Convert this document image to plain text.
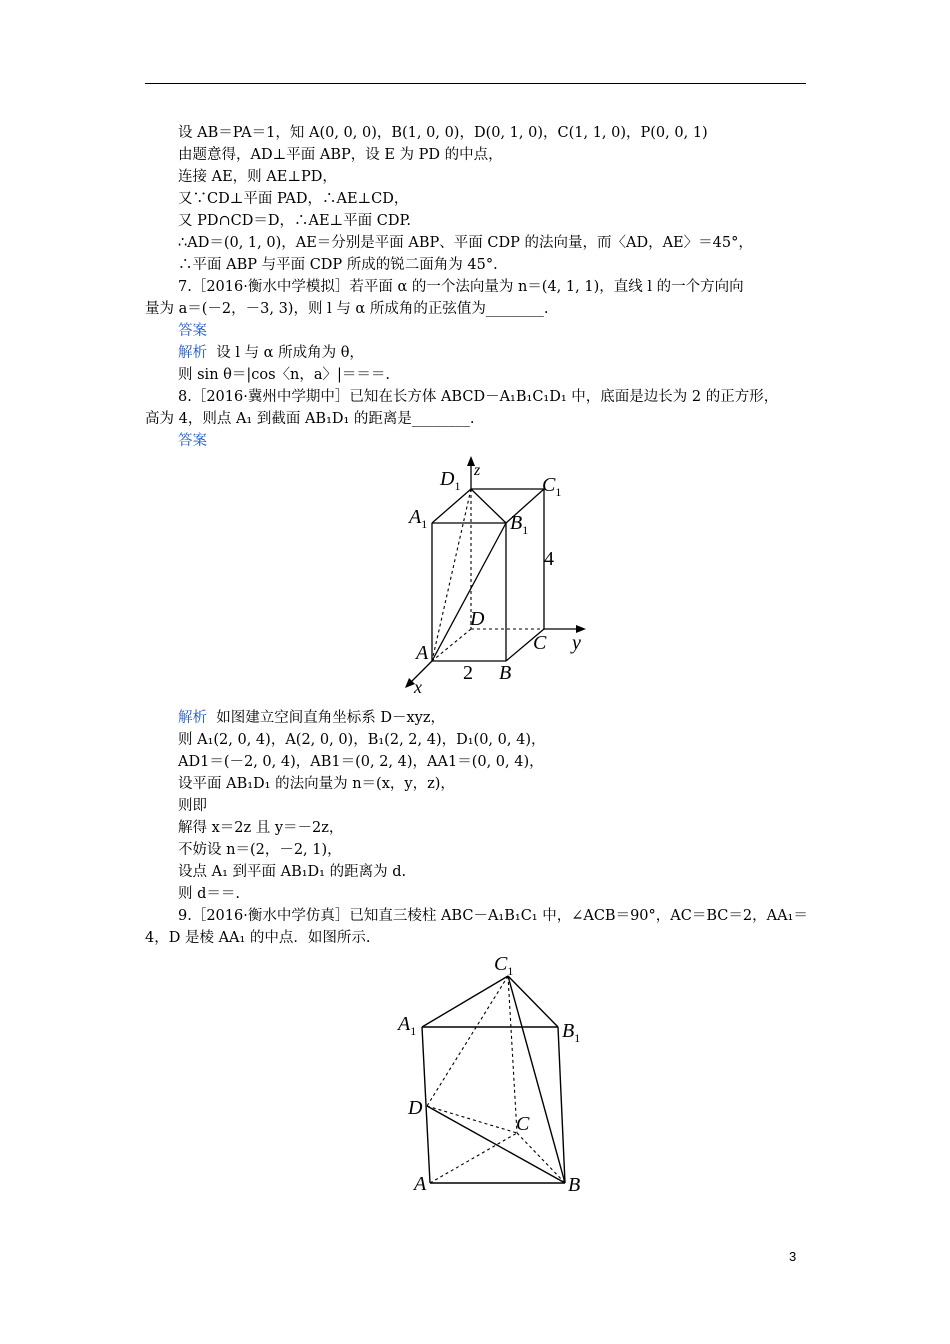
设 AB＝PA＝1，知 A(0, 0, 0)，B(1, 0, 0)，D(0, 1, 0)，C(1, 1, 0)，P(0, 0, 1)
由题意得，AD⊥平面 ABP，设 E 为 PD 的中点，
连接 AE，则 AE⊥PD，
又∵CD⊥平面 PAD，∴AE⊥CD，
又 PD∩CD＝D，∴AE⊥平面 CDP.
∴AD＝(0, 1, 0)，AE＝分别是平面 ABP、平面 CDP 的法向量，而〈AD，AE〉＝45°，
∴平面 ABP 与平面 CDP 所成的锐二面角为 45°.
7.［2016·衡水中学模拟］若平面 α 的一个法向量为 n＝(4, 1, 1)，直线 l 的一个方向向
量为 a＝(－2，－3, 3)，则 l 与 α 所成角的正弦值为________.
答案
解析 设 l 与 α 所成角为 θ，
则 sin θ＝|cos〈n，a〉|＝＝＝.
8.［2016·冀州中学期中］已知在长方体 ABCD－A₁B₁C₁D₁ 中，底面是边长为 2 的正方形，
高为 4，则点 A₁ 到截面 AB₁D₁ 的距离是________.
答案
$D_1$
z
$C_1$
$A_1$	$B_1$
4
D
C y
A
2 B
x
解析 如图建立空间直角坐标系 D－xyz，
则 A₁(2, 0, 4)，A(2, 0, 0)，B₁(2, 2, 4)，D₁(0, 0, 4)，
AD1＝(－2, 0, 4)，AB1＝(0, 2, 4)，AA1＝(0, 0, 4)，
设平面 AB₁D₁ 的法向量为 n＝(x，y，z)，
则即
解得 x＝2z 且 y＝－2z，
不妨设 n＝(2，－2, 1)，
设点 A₁ 到平面 AB₁D₁ 的距离为 d.
则 d＝＝.
9.［2016·衡水中学仿真］已知直三棱柱 ABC－A₁B₁C₁ 中，∠ACB＝90°，AC＝BC＝2，AA₁＝
4，D 是棱 AA₁ 的中点．如图所示.
$C_1$
$A_1$	$B_1$
D
C
A	B
3
